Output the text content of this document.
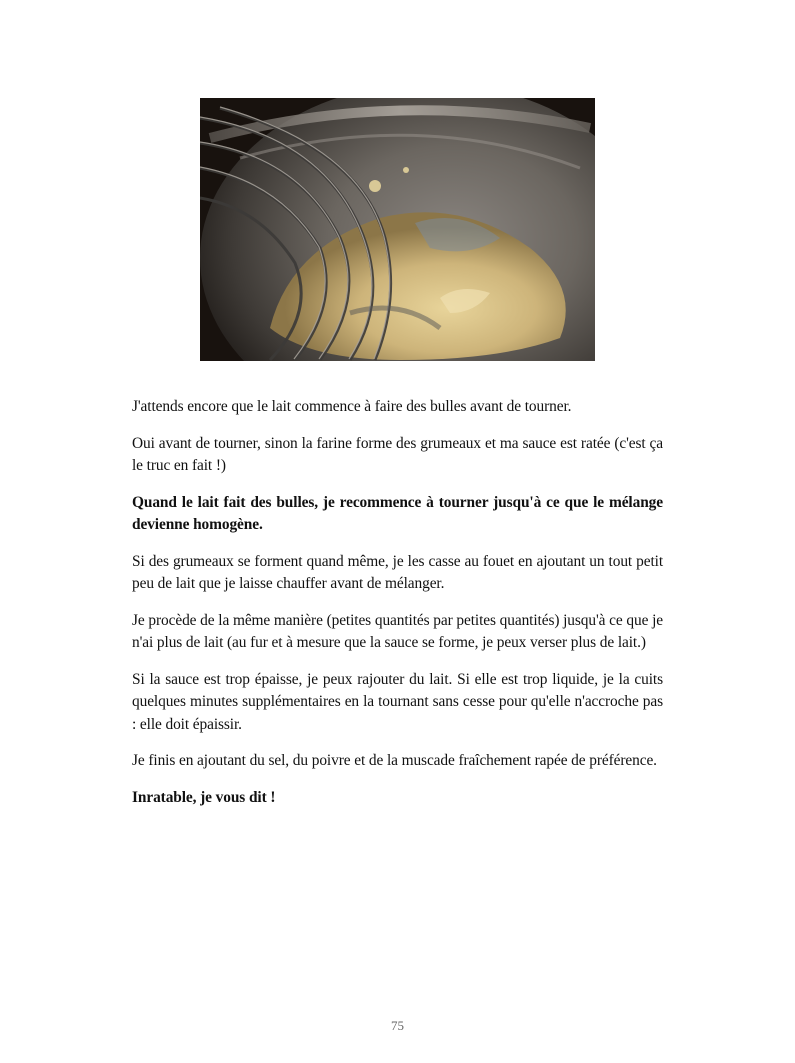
J'attends encore que le lait commence à faire des bulles avant de tourner.

Oui avant de tourner, sinon la farine forme des grumeaux et ma sauce est ratée (c'est ça le truc en fait !)

Quand le lait fait des bulles, je recommence à tourner jusqu'à ce que le mélange devienne homogène.

Si des grumeaux se forment quand même, je les casse au fouet en ajoutant un tout petit peu de lait que je laisse chauffer avant de mélanger.

Je procède de la même manière (petites quantités par petites quantités) jusqu'à ce que je n'ai plus de lait (au fur et à mesure que la sauce se forme, je peux verser plus de lait.)

Si la sauce est trop épaisse, je peux rajouter du lait. Si elle est trop liquide, je la cuits quelques minutes supplémentaires en la tournant sans cesse pour qu'elle n'accroche pas : elle doit épaissir.

Je finis en ajoutant du sel, du poivre et de la muscade fraîchement rapée de préférence.

Inratable, je vous dit !

75
